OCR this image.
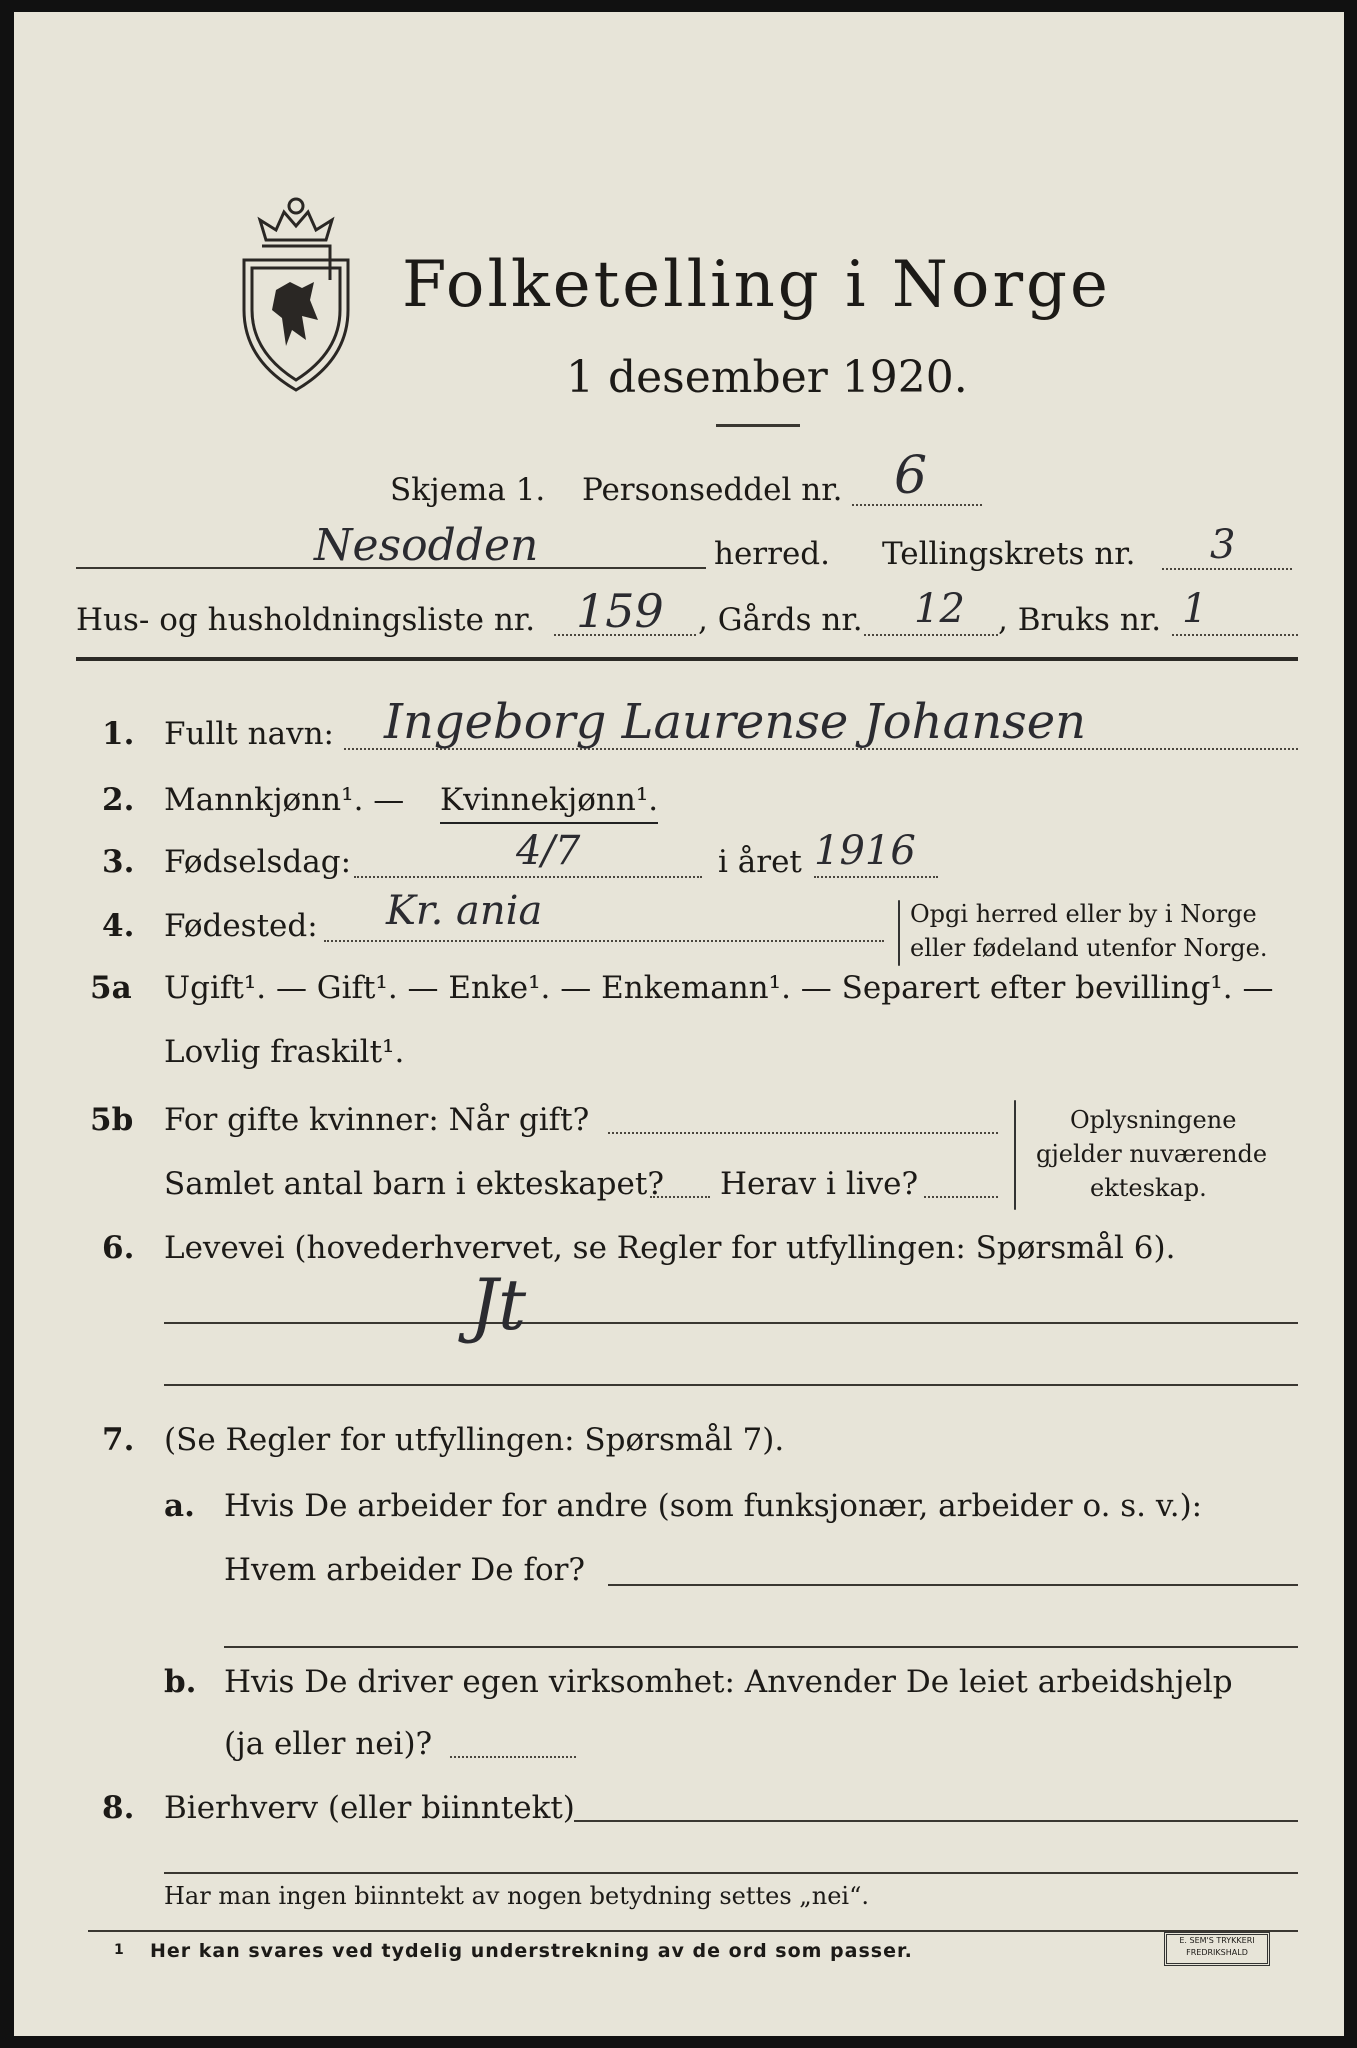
Folketelling i Norge
1 desember 1920.
Skjema 1. Personseddel nr. 6
Nesodden	herred. Tellingskrets nr. 3
Hus- og husholdningsliste nr. 159 , Gårds nr. 12 , Bruks nr. 1
1. Fullt navn: Ingeborg Laurense Johansen
2. Mannkjønn¹. — Kvinnekjønn¹.
3. Fødselsdag:	4/7	i året 1916
4. Fødested: Kr. ania	Opgi herred eller by i Norge
eller fødeland utenfor Norge.
5a Ugift¹. — Gift¹. — Enke¹. — Enkemann¹. — Separert efter bevilling¹. —
Lovlig fraskilt¹.
5b For gifte kvinner: Når gift?
Samlet antal barn i ekteskapet? Herav i live?
Oplysningene
gjelder nuværende
ekteskap.
6. Levevei (hovederhvervet, se Regler for utfyllingen: Spørsmål 6).
Jt
7. (Se Regler for utfyllingen: Spørsmål 7).
a. Hvis De arbeider for andre (som funksjonær, arbeider o. s. v.):
Hvem arbeider De for?
b. Hvis De driver egen virksomhet: Anvender De leiet arbeidshjelp
(ja eller nei)?
8. Bierhverv (eller biinntekt)
Har man ingen biinntekt av nogen betydning settes „nei“.
1 Her kan svares ved tydelig understrekning av de ord som passer.	E. SEM'S TRYKKERI FREDRIKSHALD
